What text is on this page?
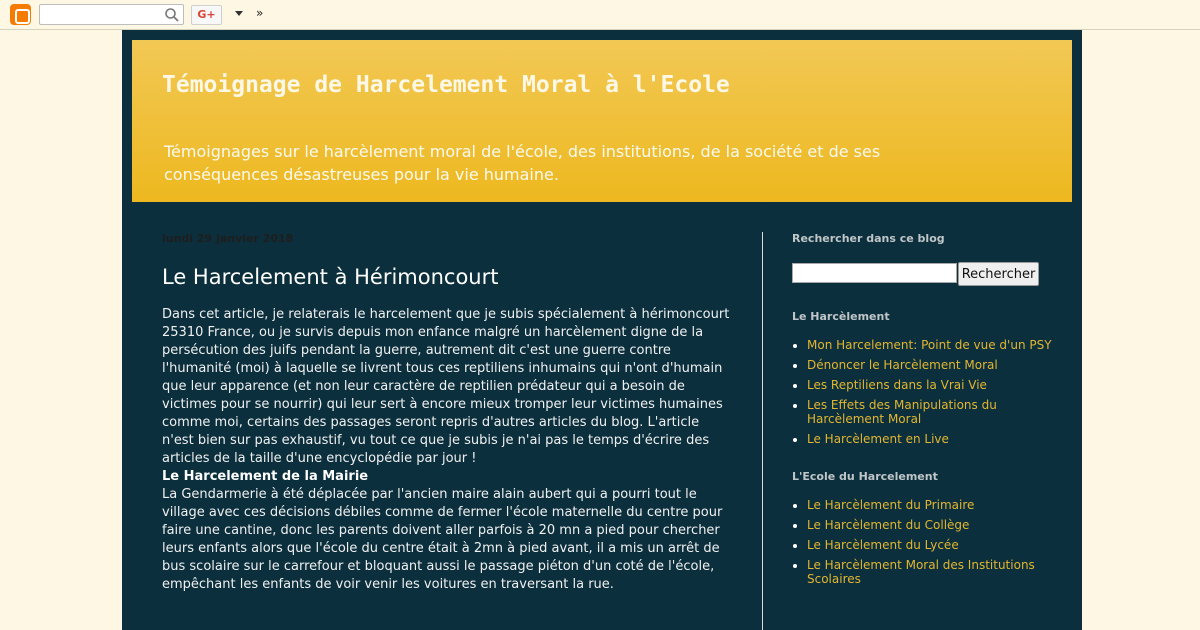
G+	»
Témoignage de Harcelement Moral à l'Ecole
Témoignages sur le harcèlement moral de l'école, des institutions, de la société et de ses conséquences désastreuses pour la vie humaine.
lundi 29 janvier 2018
Le Harcelement à Hérimoncourt

Dans cet article, je relaterais le harcelement que je subis spécialement à hérimoncourt 25310 France, ou je survis depuis mon enfance malgré un harcèlement digne de la persécution des juifs pendant la guerre, autrement dit c'est une guerre contre l'humanité (moi) à laquelle se livrent tous ces reptiliens inhumains qui n'ont d'humain que leur apparence (et non leur caractère de reptilien prédateur qui a besoin de victimes pour se nourrir) qui leur sert à encore mieux tromper leur victimes humaines comme moi, certains des passages seront repris d'autres articles du blog. L'article n'est bien sur pas exhaustif, vu tout ce que je subis je n'ai pas le temps d'écrire des articles de la taille d'une encyclopédie par jour !

Le Harcelement de la Mairie

La Gendarmerie à été déplacée par l'ancien maire alain aubert qui a pourri tout le village avec ces décisions débiles comme de fermer l'école maternelle du centre pour faire une cantine, donc les parents doivent aller parfois à 20 mn a pied pour chercher leurs enfants alors que l'école du centre était à 2mn à pied avant, il a mis un arrêt de bus scolaire sur le carrefour et bloquant aussi le passage piéton d'un coté de l'école, empêchant les enfants de voir venir les voitures en traversant la rue.

Rechercher dans ce blog
Rechercher
Le Harcèlement
• Mon Harcelement: Point de vue d'un PSY
• Dénoncer le Harcèlement Moral
• Les Reptiliens dans la Vrai Vie
• Les Effets des Manipulations du Harcèlement Moral
• Le Harcèlement en Live
L'Ecole du Harcelement
• Le Harcèlement du Primaire
• Le Harcèlement du Collège
• Le Harcèlement du Lycée
• Le Harcèlement Moral des Institutions Scolaires
